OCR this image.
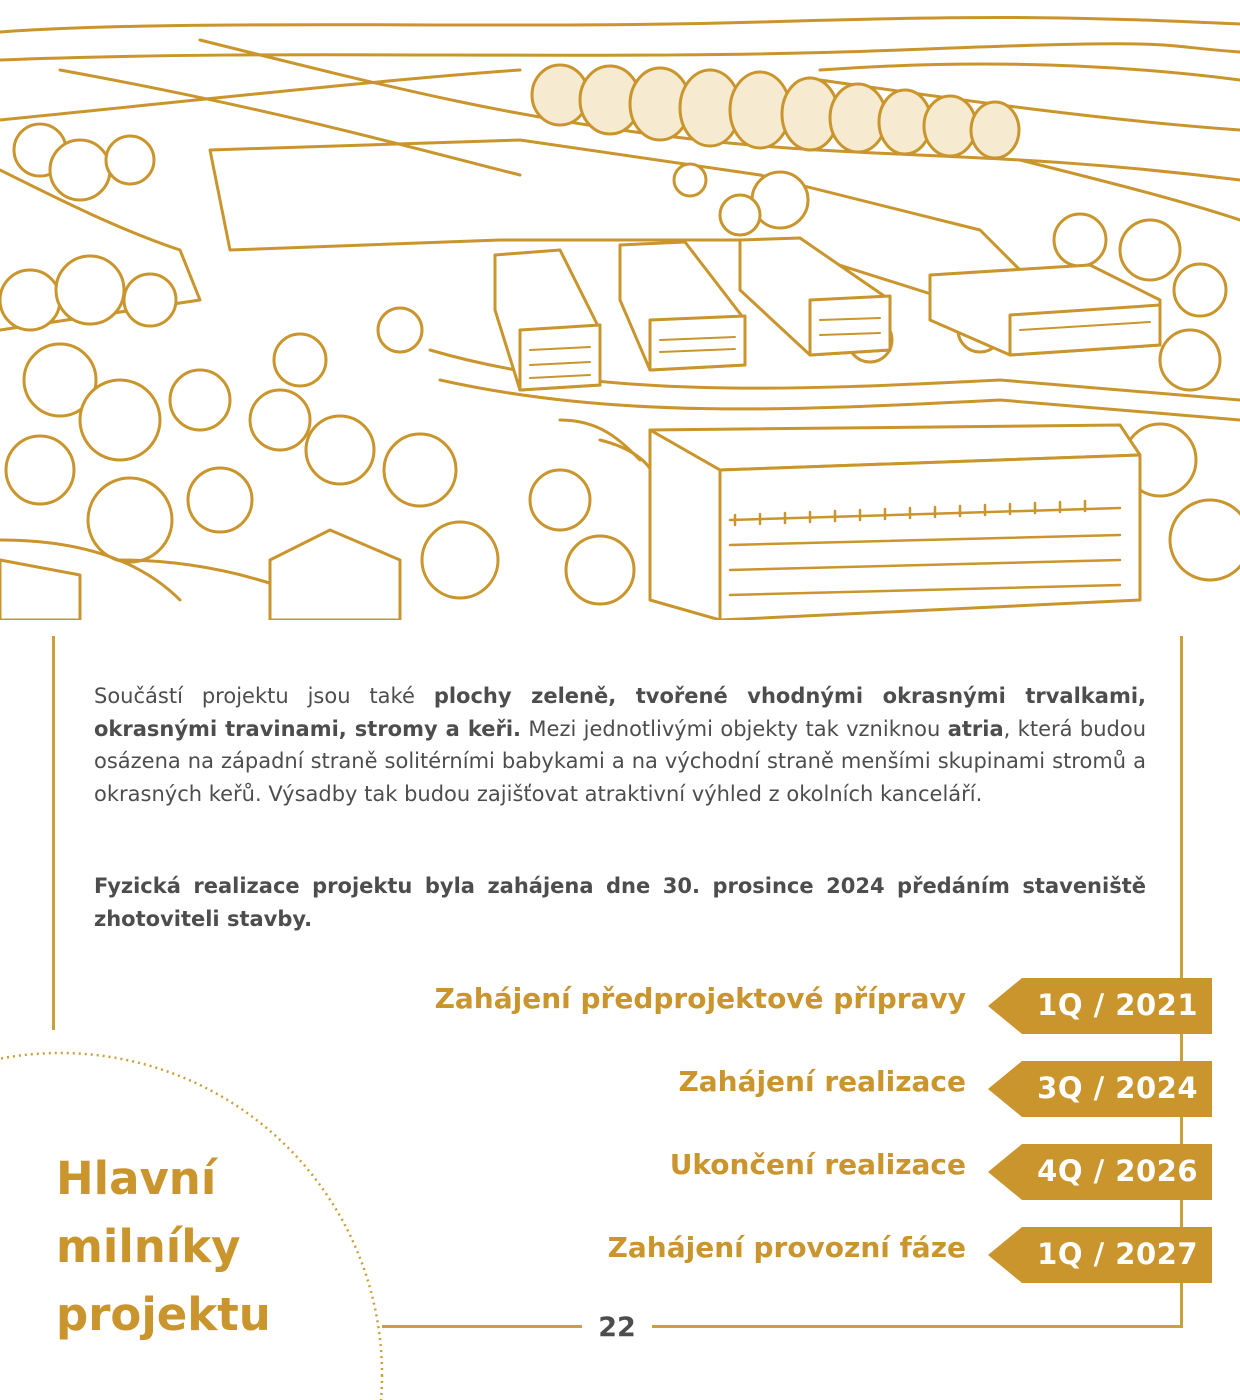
Součástí projektu jsou také plochy zeleně, tvořené vhodnými okrasnými trvalkami, okrasnými travinami, stromy a keři. Mezi jednotlivými objekty tak vzniknou atria, která budou osázena na západní straně solitérními babykami a na východní straně menšími skupinami stromů a okrasných keřů. Výsadby tak budou zajišťovat atraktivní výhled z okolních kanceláří.

Fyzická realizace projektu byla zahájena dne 30. prosince 2024 předáním staveniště zhotoviteli stavby.

Zahájení předprojektové přípravy 1Q / 2021
Zahájení realizace 3Q / 2024
Ukončení realizace 4Q / 2026
Zahájení provozní fáze 1Q / 2027
Hlavní
milníky
projektu	22
